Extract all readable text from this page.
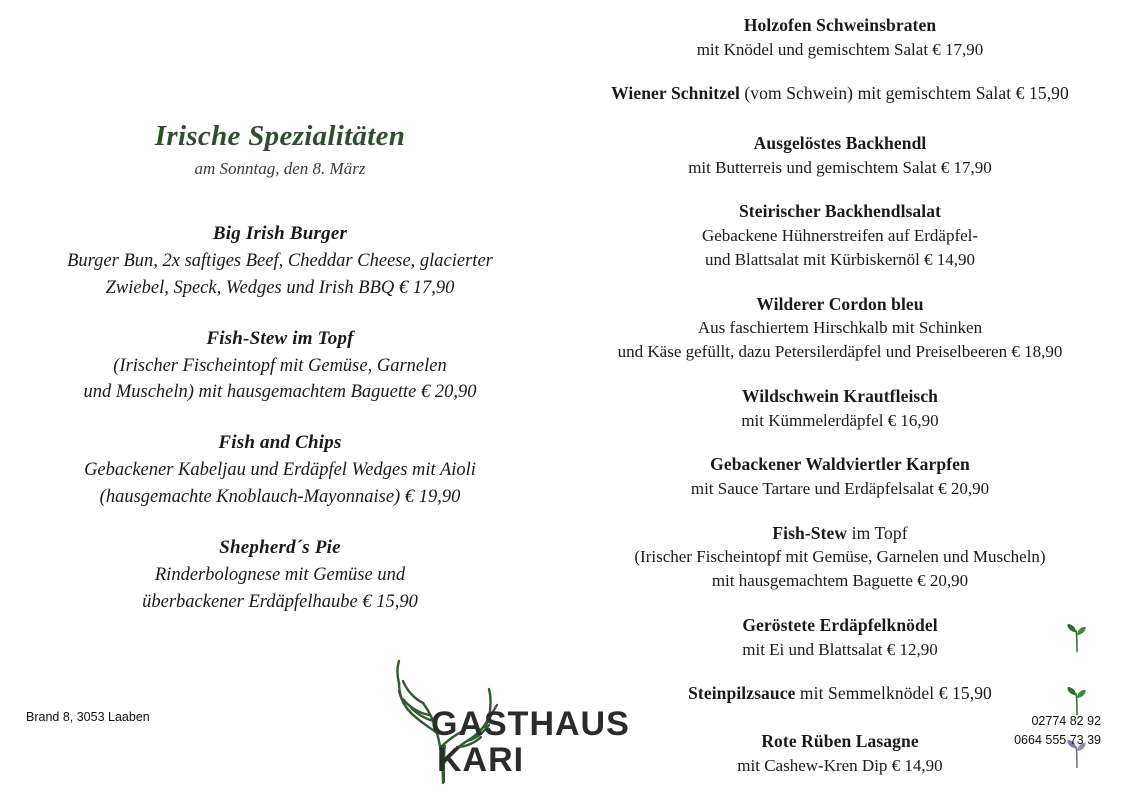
Irische Spezialitäten
am Sonntag, den 8. März
Big Irish Burger
Burger Bun, 2x saftiges Beef, Cheddar Cheese, glacierter
Zwiebel, Speck, Wedges und Irish BBQ € 17,90
Fish-Stew im Topf
(Irischer Fischeintopf mit Gemüse, Garnelen
und Muscheln) mit hausgemachtem Baguette € 20,90
Fish and Chips
Gebackener Kabeljau und Erdäpfel Wedges mit Aioli
(hausgemachte Knoblauch-Mayonnaise) € 19,90
Shepherd´s Pie
Rinderbolognese mit Gemüse und
überbackener Erdäpfelhaube € 15,90
Holzofen Schweinsbraten
mit Knödel und gemischtem Salat € 17,90
Wiener Schnitzel (vom Schwein) mit gemischtem Salat € 15,90
Ausgelöstes Backhendl
mit Butterreis und gemischtem Salat € 17,90
Steirischer Backhendlsalat
Gebackene Hühnerstreifen auf Erdäpfel-
und Blattsalat mit Kürbiskernöl € 14,90
Wilderer Cordon bleu
Aus faschiertem Hirschkalb mit Schinken
und Käse gefüllt, dazu Petersilerdäpfel und Preiselbeeren € 18,90
Wildschwein Krautfleisch
mit Kümmelerdäpfel € 16,90
Gebackener Waldviertler Karpfen
mit Sauce Tartare und Erdäpfelsalat € 20,90
Fish-Stew im Topf
(Irischer Fischeintopf mit Gemüse, Garnelen und Muscheln)
mit hausgemachtem Baguette € 20,90
Geröstete Erdäpfelknödel
mit Ei und Blattsalat € 12,90
Steinpilzsauce mit Semmelknödel € 15,90
Rote Rüben Lasagne
mit Cashew-Kren Dip € 14,90
GASTHAUS
KARI
Brand 8, 3053 Laaben	02774 82 92
0664 555 73 39
